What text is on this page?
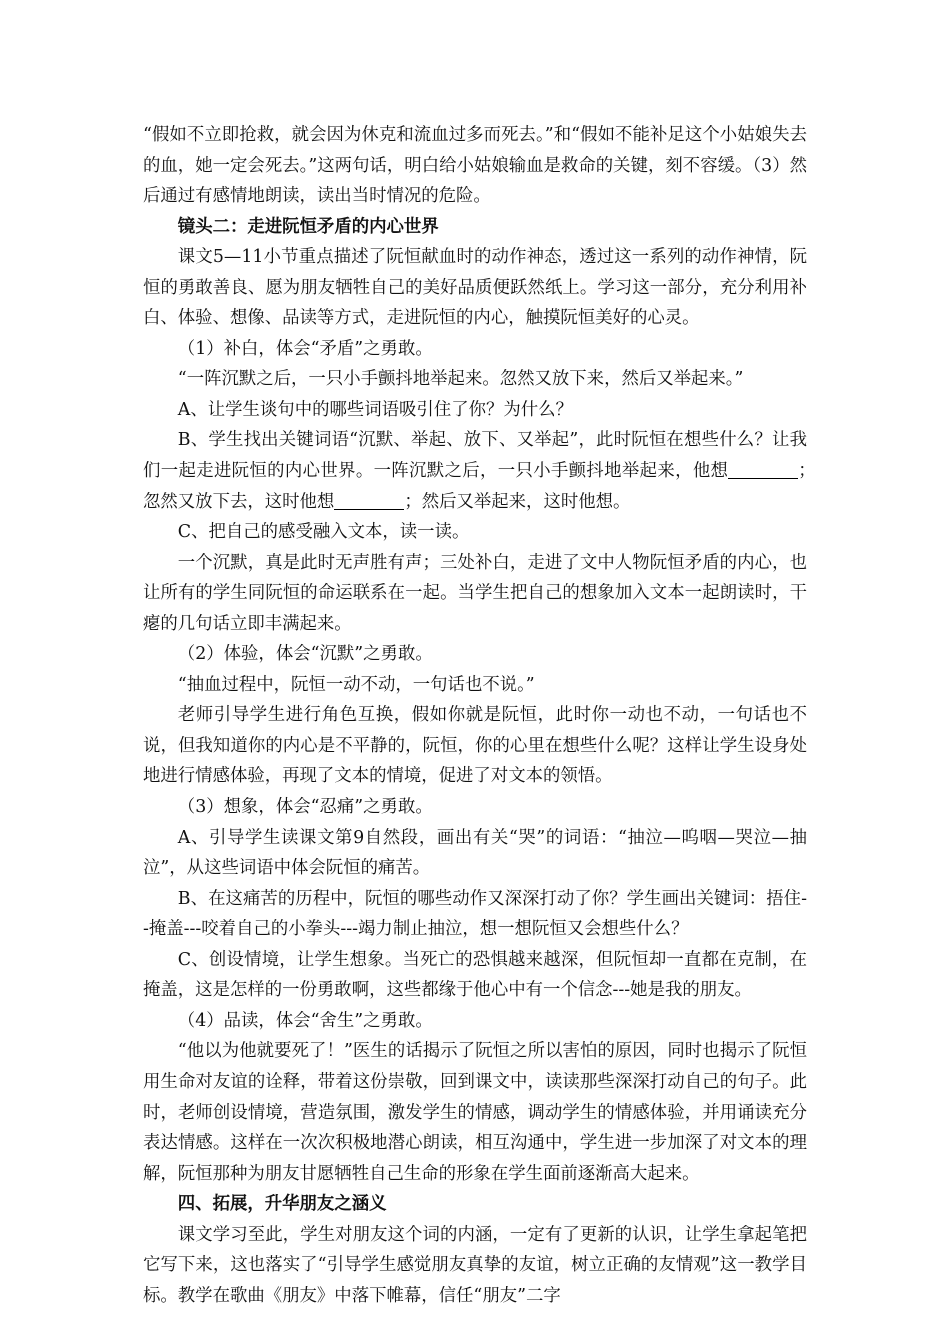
“假如不立即抢救，就会因为休克和流血过多而死去。”和“假如不能补足这个小姑娘失去的血，她一定会死去。”这两句话，明白给小姑娘输血是救命的关键，刻不容缓。（3）然后通过有感情地朗读，读出当时情况的危险。

镜头二：走进阮恒矛盾的内心世界

课文5—11小节重点描述了阮恒献血时的动作神态，透过这一系列的动作神情，阮恒的勇敢善良、愿为朋友牺牲自己的美好品质便跃然纸上。学习这一部分，充分利用补白、体验、想像、品读等方式，走进阮恒的内心，触摸阮恒美好的心灵。

（1）补白，体会“矛盾”之勇敢。

“一阵沉默之后，一只小手颤抖地举起来。忽然又放下来，然后又举起来。”

A、让学生谈句中的哪些词语吸引住了你？为什么？

B、学生找出关键词语“沉默、举起、放下、又举起”，此时阮恒在想些什么？让我们一起走进阮恒的内心世界。一阵沉默之后，一只小手颤抖地举起来，他想	；　忽然又放下去，这时他想	；然后又举起来，这时他想。

C、把自己的感受融入文本，读一读。

一个沉默，真是此时无声胜有声；三处补白，走进了文中人物阮恒矛盾的内心，也让所有的学生同阮恒的命运联系在一起。当学生把自己的想象加入文本一起朗读时，干瘪的几句话立即丰满起来。

（2）体验，体会“沉默”之勇敢。

“抽血过程中，阮恒一动不动，一句话也不说。”

老师引导学生进行角色互换，假如你就是阮恒，此时你一动也不动，一句话也不说，但我知道你的内心是不平静的，阮恒，你的心里在想些什么呢？这样让学生设身处地进行情感体验，再现了文本的情境，促进了对文本的领悟。

（3）想象，体会“忍痛”之勇敢。

A、引导学生读课文第9自然段，画出有关“哭”的词语：“抽泣—呜咽—哭泣—抽泣”，从这些词语中体会阮恒的痛苦。

B、在这痛苦的历程中，阮恒的哪些动作又深深打动了你？学生画出关键词：捂住--掩盖---咬着自己的小拳头---竭力制止抽泣，想一想阮恒又会想些什么？

C、创设情境，让学生想象。当死亡的恐惧越来越深，但阮恒却一直都在克制，在掩盖，这是怎样的一份勇敢啊，这些都缘于他心中有一个信念---她是我的朋友。

（4）品读，体会“舍生”之勇敢。

“他以为他就要死了！”医生的话揭示了阮恒之所以害怕的原因，同时也揭示了阮恒用生命对友谊的诠释，带着这份崇敬，回到课文中，读读那些深深打动自己的句子。此时，老师创设情境，营造氛围，激发学生的情感，调动学生的情感体验，并用诵读充分表达情感。这样在一次次积极地潜心朗读，相互沟通中，学生进一步加深了对文本的理解，阮恒那种为朋友甘愿牺牲自己生命的形象在学生面前逐渐高大起来。

四、拓展，升华朋友之涵义

课文学习至此，学生对朋友这个词的内涵，一定有了更新的认识，让学生拿起笔把它写下来，这也落实了“引导学生感觉朋友真挚的友谊，树立正确的友情观”这一教学目标。教学在歌曲《朋友》中落下帷幕，信任“朋友”二字
